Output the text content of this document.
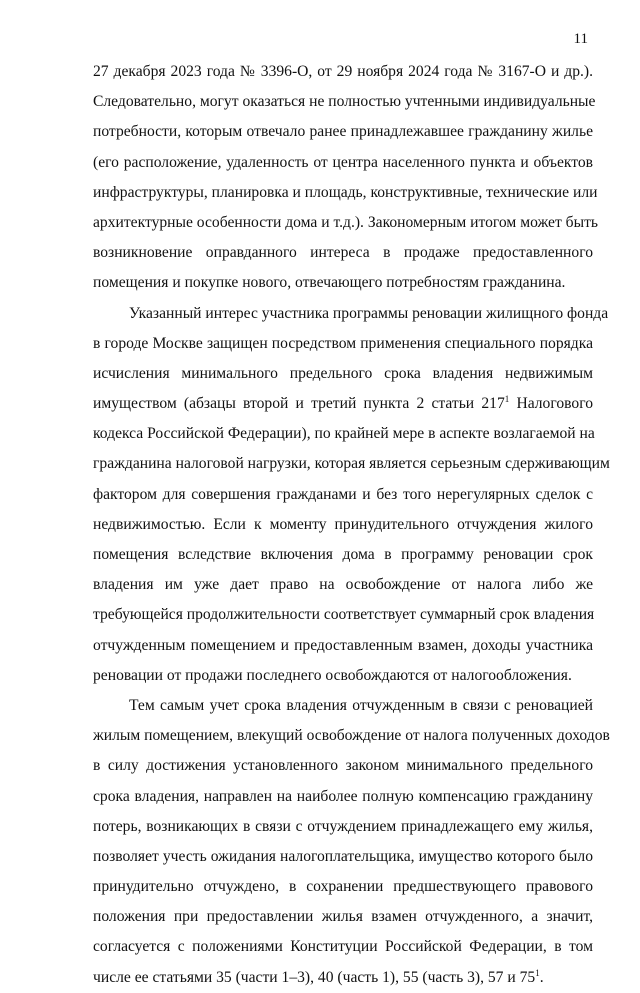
11
27 декабря 2023 года № 3396-О, от 29 ноября 2024 года № 3167-О и др.).
Следовательно, могут оказаться не полностью учтенными индивидуальные
потребности, которым отвечало ранее принадлежавшее гражданину жилье
(его расположение, удаленность от центра населенного пункта и объектов
инфраструктуры, планировка и площадь, конструктивные, технические или
архитектурные особенности дома и т.д.). Закономерным итогом может быть
возникновение оправданного интереса в продаже предоставленного
помещения и покупке нового, отвечающего потребностям гражданина.
Указанный интерес участника программы реновации жилищного фонда
в городе Москве защищен посредством применения специального порядка
исчисления минимального предельного срока владения недвижимым
имуществом (абзацы второй и третий пункта 2 статьи $217^1$ Налогового
кодекса Российской Федерации), по крайней мере в аспекте возлагаемой на
гражданина налоговой нагрузки, которая является серьезным сдерживающим
фактором для совершения гражданами и без того нерегулярных сделок с
недвижимостью. Если к моменту принудительного отчуждения жилого
помещения вследствие включения дома в программу реновации срок
владения им уже дает право на освобождение от налога либо же
требующейся продолжительности соответствует суммарный срок владения
отчужденным помещением и предоставленным взамен, доходы участника
реновации от продажи последнего освобождаются от налогообложения.
Тем самым учет срока владения отчужденным в связи с реновацией
жилым помещением, влекущий освобождение от налога полученных доходов
в силу достижения установленного законом минимального предельного
срока владения, направлен на наиболее полную компенсацию гражданину
потерь, возникающих в связи с отчуждением принадлежащего ему жилья,
позволяет учесть ожидания налогоплательщика, имущество которого было
принудительно отчуждено, в сохранении предшествующего правового
положения при предоставлении жилья взамен отчужденного, а значит,
согласуется с положениями Конституции Российской Федерации, в том
числе ее статьями 35 (части 1–3), 40 (часть 1), 55 (часть 3), 57 и $75^1$.
